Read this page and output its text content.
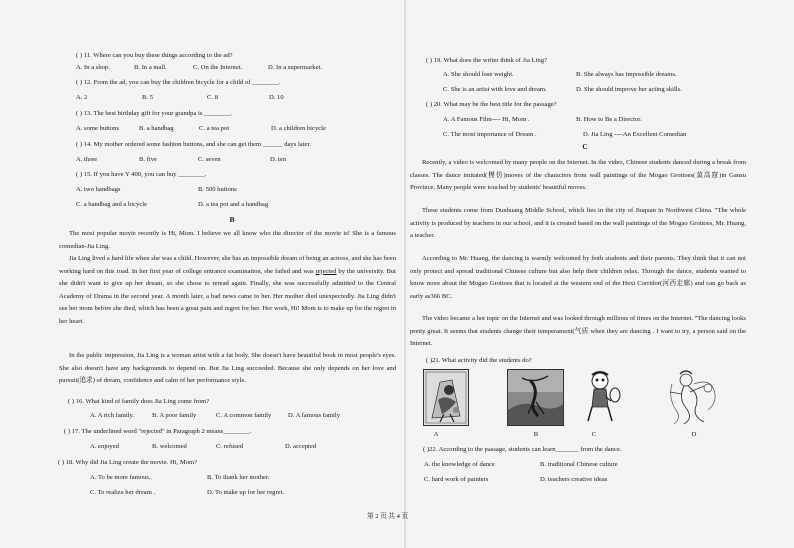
( ) 11. Where can you buy these things according to the ad?
A. In a shop.	B. In a mall.	C. On the Internet.	D. In a supermarket.
( ) 12. From the ad, you can buy the children bicycle for a child of ________.
A. 2	B. 5	C. 8	D. 10
( ) 13. The best birthday gift for your grandpa is ________.
A. some buttons	B. a handbag	C. a tea pot	D. a children bicycle
( ) 14. My mother ordered some fashion buttons, and she can get them ______ days later.
A. three	B. five	C. seven	D. ten
( ) 15. If you have Y 400, you can buy ________.
A. two handbags	B. 500 buttons
C. a handbag and a bicycle	D. a tea pot and a handbag
B
The most popular movie recently is Hi, Mom. I believe we all know who the director of the movie is! She is a famous comedian-Jia Ling.
Jia Ling lived a hard life when she was a child. However, she has an impossible dream of being an actress, and she has been working hard on this road. In her first year of college entrance examination, she failed and was rejected by the university. But she didn't want to give up her dream, so she chose to reread again. Finally, she was successfully admitted to the Central Academy of Drama in the second year. A month later, a bad news came to her. Her mother died unexpectedly. Jia Ling didn't see her mom before she died, which has been a great pain and regret for her. Her work, Hi! Mom is to make up for the regret in her heart.
In the public impression, Jia Ling is a woman artist with a fat body. She doesn't have beautiful book in most people's eyes. She also doesn't have any backgrounds to depend on. But Jia Ling succeeded. Because she only depends on her love and pursuit(追求) of dream, confidence and calm of her performance style.
( ) 16. What kind of family does Jia Ling come from?
A. A rich family.	B. A poor family	C. A common family	D. A famous family
( ) 17. The underlined word "rejected" in Paragraph 2 means________.
A. enjoyed	B. welcomed	C. refused	D. accepted
( ) 18. Why did Jia Ling create the movie. Hi, Mom?
A. To be more famous.	B. To thank her mother.
C. To realize her dream .	D. To make up for her regret.
( ) 19. What does the writer think of Jia Ling?
A. She should lose weight.	B. She always has impossible dreams.
C. She is an artist with love and dream.	D. She should improve her acting skills.
( ) 20. What may be the best title for the passage?
A. A Famous Film---- Hi, Mom .	B. How to Be a Director.
C. The most importance of Dream .	D. Jia Ling ----An Excellent Comedian
C
Recently, a video is welcomed by many people on the Internet. In the video, Chinese students danced during a break from classes. The dance imitated(模仿)moves of the characters from wall paintings of the Mogao Grottoes(莫高窟)in Gansu Province. Many people were touched by students' beautiful moves.
These students come from Dunhuang Middle School, which lies in the city of Jiuquan in Northwest China. "The whole activity is produced by teachers in our school, and it is created based on the wall paintings of the Mogao Grottoes, Mr. Huang, a teacher.
According to Mr. Huang, the dancing is warmly welcomed by both students and their parents. They think that it can not only protect and spread traditional Chinese culture but also help their children relax. Through the dance, students wanted to know more about the Mogao Grottoes that is located at the western end of the Hexi Corridor(河西走廊) and can go back as early as366 BC.
The video became a hot topic on the Internet and was looked through millions of times on the Internet. "The dancing looks pretty great. It seems that students change their temperament(气质 when they are dancing . I want to try, a person said on the Internet.
( )21. What activity did the students do?
A	B	C	D
( )22. According to the passage, students can learn_______ from the dance.
A. the knowledge of dance	B. traditional Chinese culture
C. hard work of painters	D. teachers creative ideas
第 2 页 共 4 页
